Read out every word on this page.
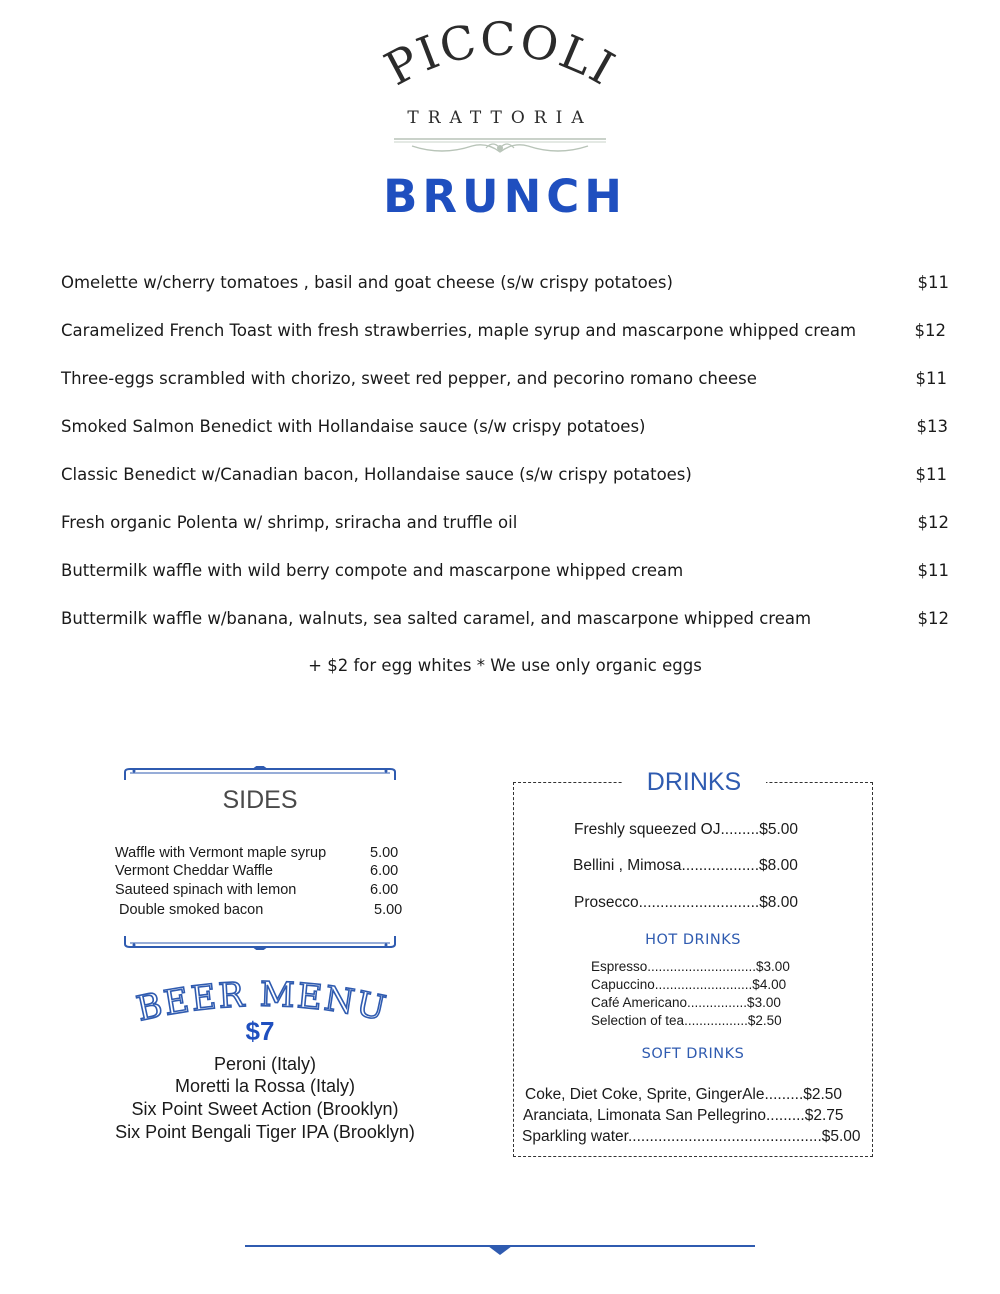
PICCOLI
TRATTORIA
BRUNCH
Omelette w/cherry tomatoes , basil and goat cheese (s/w crispy potatoes)	$11
Caramelized French Toast with fresh strawberries, maple syrup and mascarpone whipped cream	$12
Three-eggs scrambled with chorizo, sweet red pepper, and pecorino romano cheese	$11
Smoked Salmon Benedict with Hollandaise sauce (s/w crispy potatoes)	$13
Classic Benedict w/Canadian bacon, Hollandaise sauce (s/w crispy potatoes)	$11
Fresh organic Polenta w/ shrimp, sriracha and truffle oil	$12
Buttermilk waffle with wild berry compote and mascarpone whipped cream	$11
Buttermilk waffle w/banana, walnuts, sea salted caramel, and mascarpone whipped cream	$12
+ $2 for egg whites * We use only organic eggs
SIDES
Waffle with Vermont maple syrup	5.00
Vermont Cheddar Waffle	6.00
Sauteed spinach with lemon	6.00
Double smoked bacon	5.00
BEER MENU
$7
Peroni (Italy)
Moretti la Rossa (Italy)
Six Point Sweet Action (Brooklyn)
Six Point Bengali Tiger IPA (Brooklyn)
DRINKS
Freshly squeezed OJ.........$5.00
Bellini , Mimosa..................$8.00
Prosecco............................$8.00
HOT DRINKS
Espresso.............................$3.00
Capuccino..........................$4.00
Café Americano................$3.00
Selection of tea.................$2.50
SOFT DRINKS
Coke, Diet Coke, Sprite, GingerAle.........$2.50
Aranciata, Limonata San Pellegrino.........$2.75
Sparkling water.............................................$5.00
